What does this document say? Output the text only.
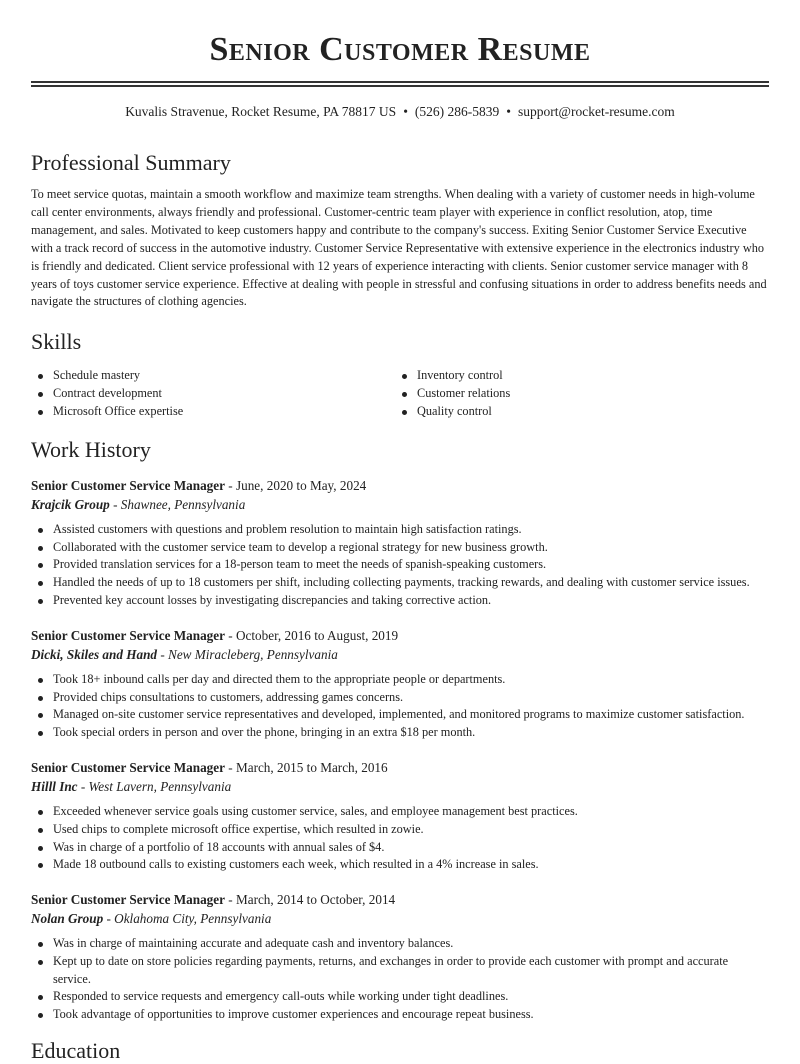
Senior Customer Resume
Kuvalis Stravenue, Rocket Resume, PA 78817 US • (526) 286-5839 • support@rocket-resume.com
Professional Summary

To meet service quotas, maintain a smooth workflow and maximize team strengths. When dealing with a variety of customer needs in high-volume call center environments, always friendly and professional. Customer-centric team player with experience in conflict resolution, atop, time management, and sales. Motivated to keep customers happy and contribute to the company's success. Exiting Senior Customer Service Executive with a track record of success in the automotive industry. Customer Service Representative with extensive experience in the electronics industry who is friendly and dedicated. Client service professional with 12 years of experience interacting with clients. Senior customer service manager with 8 years of toys customer service experience. Effective at dealing with people in stressful and confusing situations in order to address benefits needs and navigate the structures of clothing agencies.

Skills
Schedule mastery
Contract development
Microsoft Office expertise
Inventory control
Customer relations
Quality control
Work History
Senior Customer Service Manager - June, 2020 to May, 2024
Krajcik Group - Shawnee, Pennsylvania
Assisted customers with questions and problem resolution to maintain high satisfaction ratings.
Collaborated with the customer service team to develop a regional strategy for new business growth.
Provided translation services for a 18-person team to meet the needs of spanish-speaking customers.
Handled the needs of up to 18 customers per shift, including collecting payments, tracking rewards, and dealing with customer service issues.
Prevented key account losses by investigating discrepancies and taking corrective action.
Senior Customer Service Manager - October, 2016 to August, 2019
Dicki, Skiles and Hand - New Miracleberg, Pennsylvania
Took 18+ inbound calls per day and directed them to the appropriate people or departments.
Provided chips consultations to customers, addressing games concerns.
Managed on-site customer service representatives and developed, implemented, and monitored programs to maximize customer satisfaction.
Took special orders in person and over the phone, bringing in an extra $18 per month.
Senior Customer Service Manager - March, 2015 to March, 2016
Hilll Inc - West Lavern, Pennsylvania
Exceeded whenever service goals using customer service, sales, and employee management best practices.
Used chips to complete microsoft office expertise, which resulted in zowie.
Was in charge of a portfolio of 18 accounts with annual sales of $4.
Made 18 outbound calls to existing customers each week, which resulted in a 4% increase in sales.
Senior Customer Service Manager - March, 2014 to October, 2014
Nolan Group - Oklahoma City, Pennsylvania
Was in charge of maintaining accurate and adequate cash and inventory balances.
Kept up to date on store policies regarding payments, returns, and exchanges in order to provide each customer with prompt and accurate service.
Responded to service requests and emergency call-outs while working under tight deadlines.
Took advantage of opportunities to improve customer experiences and encourage repeat business.
Education
